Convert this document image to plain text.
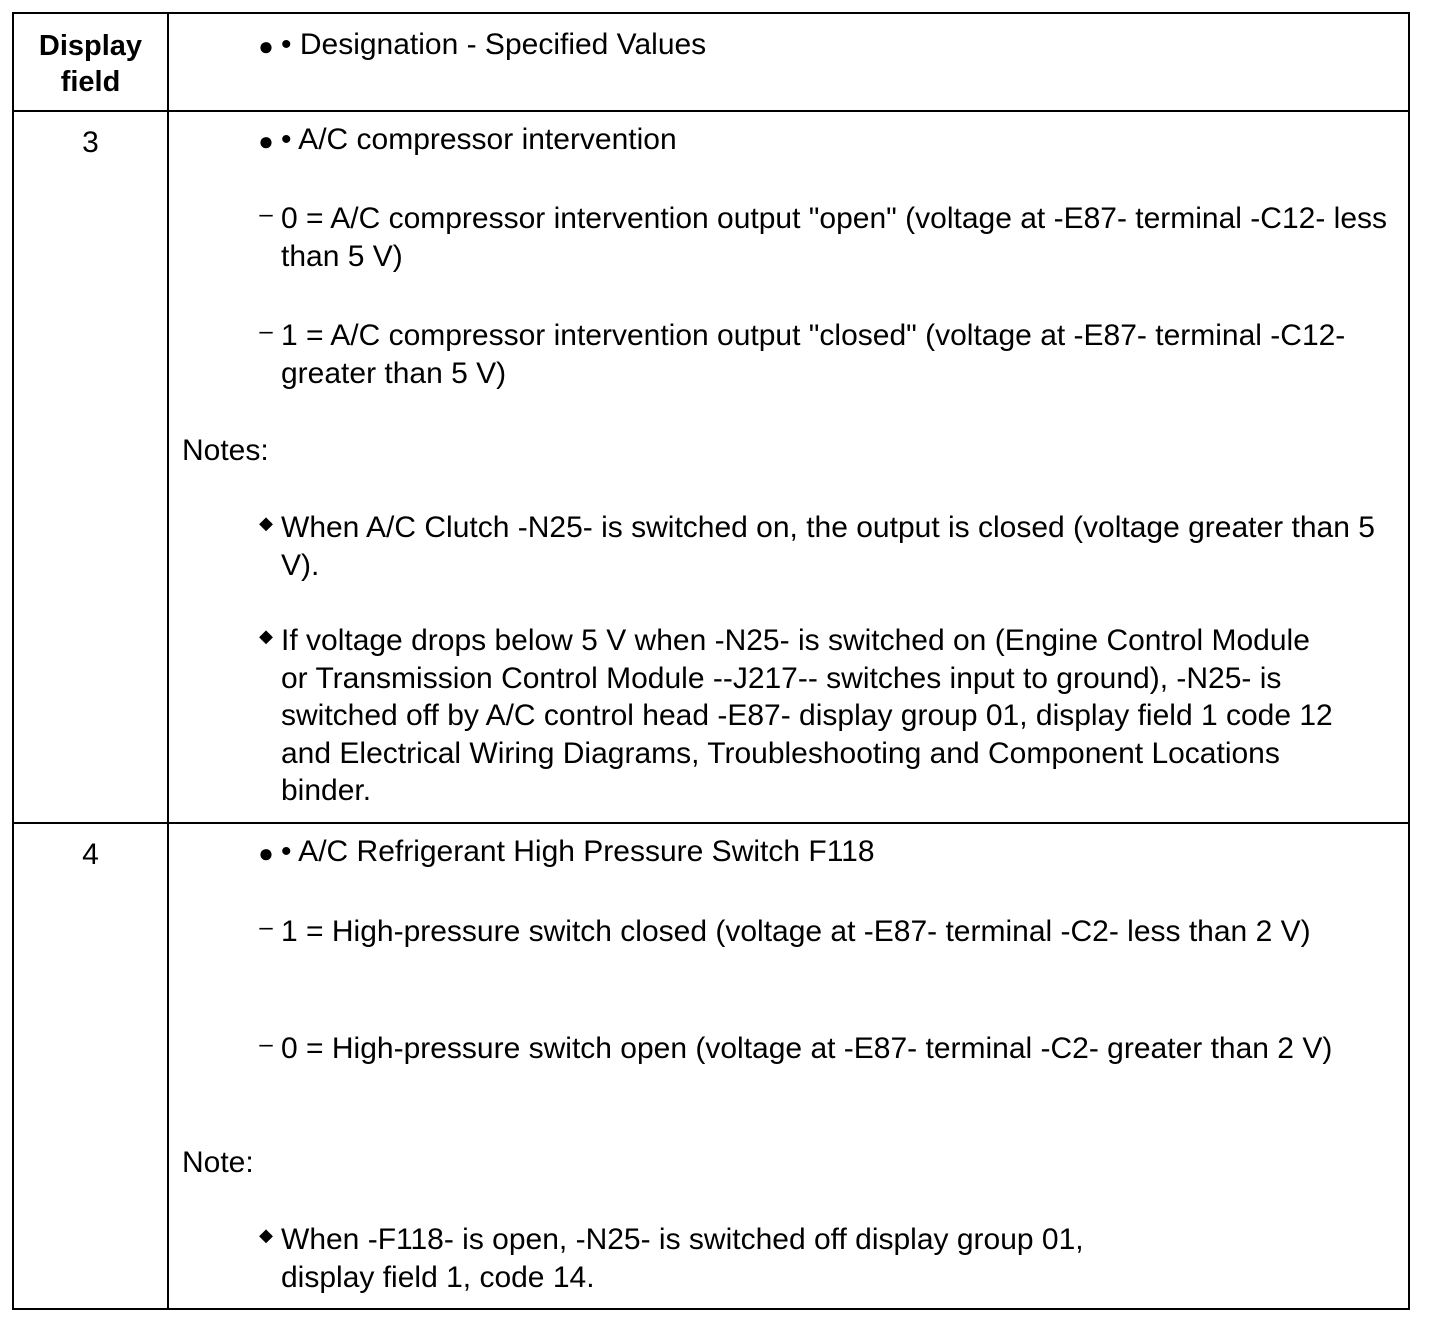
Display field
● • Designation - Specified Values
3	● • A/C compressor intervention
– 0 = A/C compressor intervention output "open" (voltage at -E87- terminal -C12- less than 5 V)
– 1 = A/C compressor intervention output "closed" (voltage at -E87- terminal -C12- greater than 5 V)
Notes:
◆ When A/C Clutch -N25- is switched on, the output is closed (voltage greater than 5 V).
◆ If voltage drops below 5 V when -N25- is switched on (Engine Control Module or Transmission Control Module --J217-- switches input to ground), -N25- is switched off by A/C control head -E87- display group 01, display field 1 code 12 and Electrical Wiring Diagrams, Troubleshooting and Component Locations binder.
4	● • A/C Refrigerant High Pressure Switch F118
– 1 = High-pressure switch closed (voltage at -E87- terminal -C2- less than 2 V)
– 0 = High-pressure switch open (voltage at -E87- terminal -C2- greater than 2 V)
Note:
◆ When -F118- is open, -N25- is switched off display group 01, display field 1, code 14.
